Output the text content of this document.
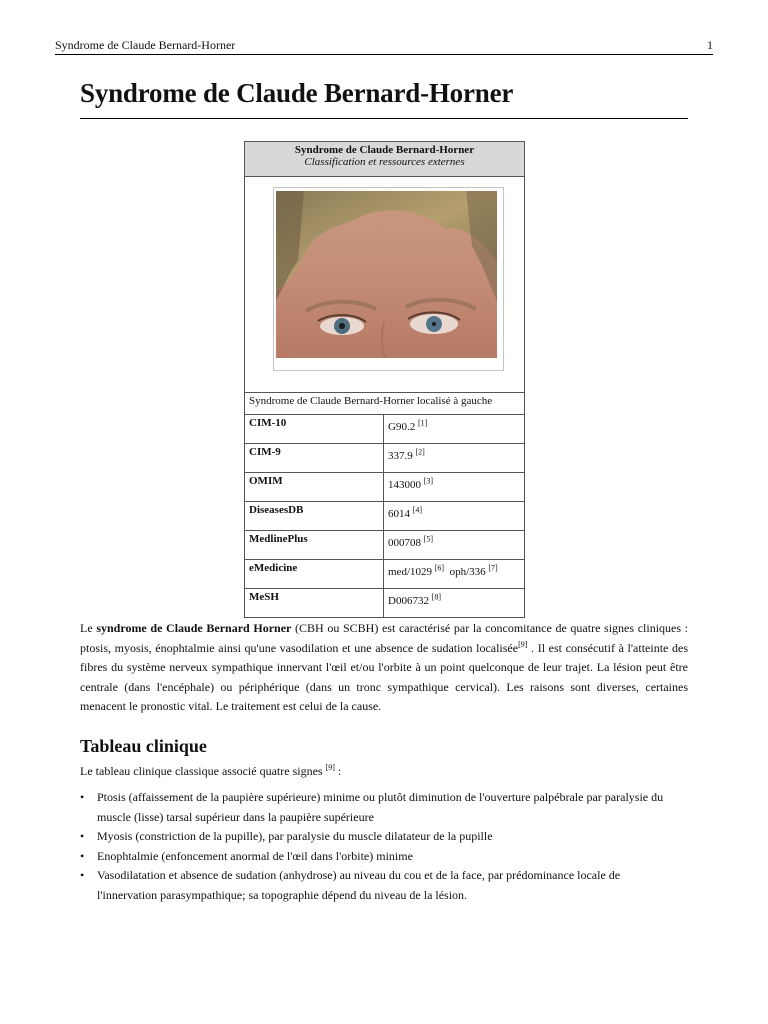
Syndrome de Claude Bernard-Horner	1
Syndrome de Claude Bernard-Horner
Syndrome de Claude Bernard-Horner
Classification et ressources externes
Syndrome de Claude Bernard-Horner localisé à gauche
CIM-10	G90.2 [1]
CIM-9	337.9 [2]
OMIM	143000 [3]
DiseasesDB	6014 [4]
MedlinePlus	000708 [5]
eMedicine	med/1029 [6] oph/336 [7]
MeSH	D006732 [8]

Le syndrome de Claude Bernard Horner (CBH ou SCBH) est caractérisé par la concomitance de quatre signes cliniques : ptosis, myosis, énophtalmie ainsi qu'une vasodilation et une absence de sudation localisée[9] . Il est consécutif à l'atteinte des fibres du système nerveux sympathique innervant l'œil et/ou l'orbite à un point quelconque de leur trajet. La lésion peut être centrale (dans l'encéphale) ou périphérique (dans un tronc sympathique cervical). Les raisons sont diverses, certaines menacent le pronostic vital. Le traitement est celui de la cause.

Tableau clinique

Le tableau clinique classique associé quatre signes [9] :

• Ptosis (affaissement de la paupière supérieure) minime ou plutôt diminution de l'ouverture palpébrale par paralysie du muscle (lisse) tarsal supérieur dans la paupière supérieure
• Myosis (constriction de la pupille), par paralysie du muscle dilatateur de la pupille
• Enophtalmie (enfoncement anormal de l'œil dans l'orbite) minime
• Vasodilatation et absence de sudation (anhydrose) au niveau du cou et de la face, par prédominance locale de l'innervation parasympathique; sa topographie dépend du niveau de la lésion.
